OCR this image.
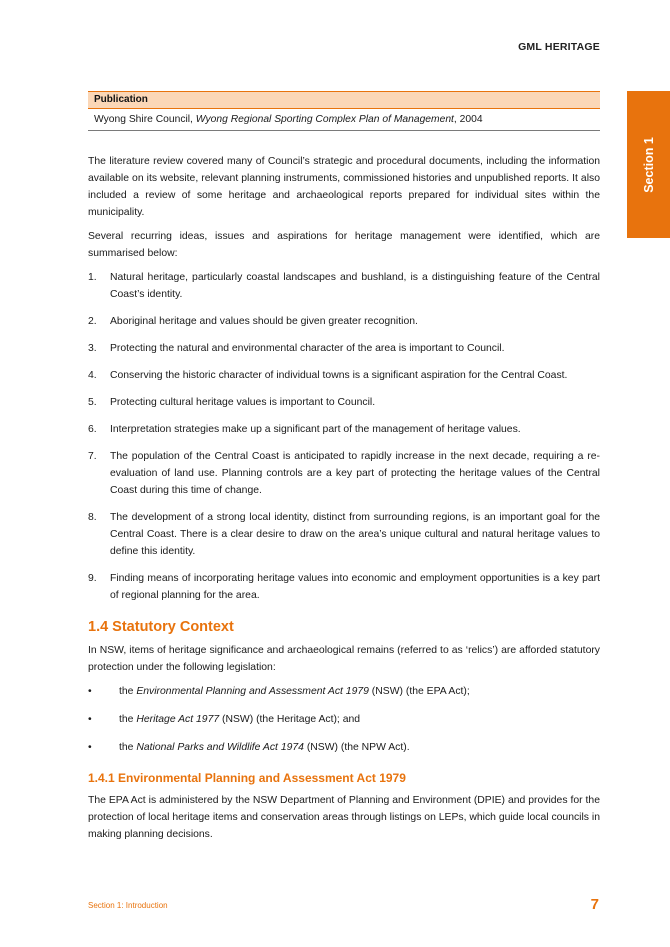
GML HERITAGE
Section 1
Publication
Wyong Shire Council, Wyong Regional Sporting Complex Plan of Management, 2004

The literature review covered many of Council’s strategic and procedural documents, including the information available on its website, relevant planning instruments, commissioned histories and unpublished reports. It also included a review of some heritage and archaeological reports prepared for individual sites within the municipality.

Several recurring ideas, issues and aspirations for heritage management were identified, which are summarised below:

1. Natural heritage, particularly coastal landscapes and bushland, is a distinguishing feature of the Central Coast’s identity.
2. Aboriginal heritage and values should be given greater recognition.
3. Protecting the natural and environmental character of the area is important to Council.
4. Conserving the historic character of individual towns is a significant aspiration for the Central Coast.
5. Protecting cultural heritage values is important to Council.
6. Interpretation strategies make up a significant part of the management of heritage values.
7. The population of the Central Coast is anticipated to rapidly increase in the next decade, requiring a re-evaluation of land use. Planning controls are a key part of protecting the heritage values of the Central Coast during this time of change.
8. The development of a strong local identity, distinct from surrounding regions, is an important goal for the Central Coast. There is a clear desire to draw on the area’s unique cultural and natural heritage values to define this identity.
9. Finding means of incorporating heritage values into economic and employment opportunities is a key part of regional planning for the area.
1.4 Statutory Context

In NSW, items of heritage significance and archaeological remains (referred to as ‘relics’) are afforded statutory protection under the following legislation:

•	the Environmental Planning and Assessment Act 1979 (NSW) (the EPA Act);
•	the Heritage Act 1977 (NSW) (the Heritage Act); and
•	the National Parks and Wildlife Act 1974 (NSW) (the NPW Act).
1.4.1 Environmental Planning and Assessment Act 1979

The EPA Act is administered by the NSW Department of Planning and Environment (DPIE) and provides for the protection of local heritage items and conservation areas through listings on LEPs, which guide local councils in making planning decisions.

Section 1: Introduction	7
